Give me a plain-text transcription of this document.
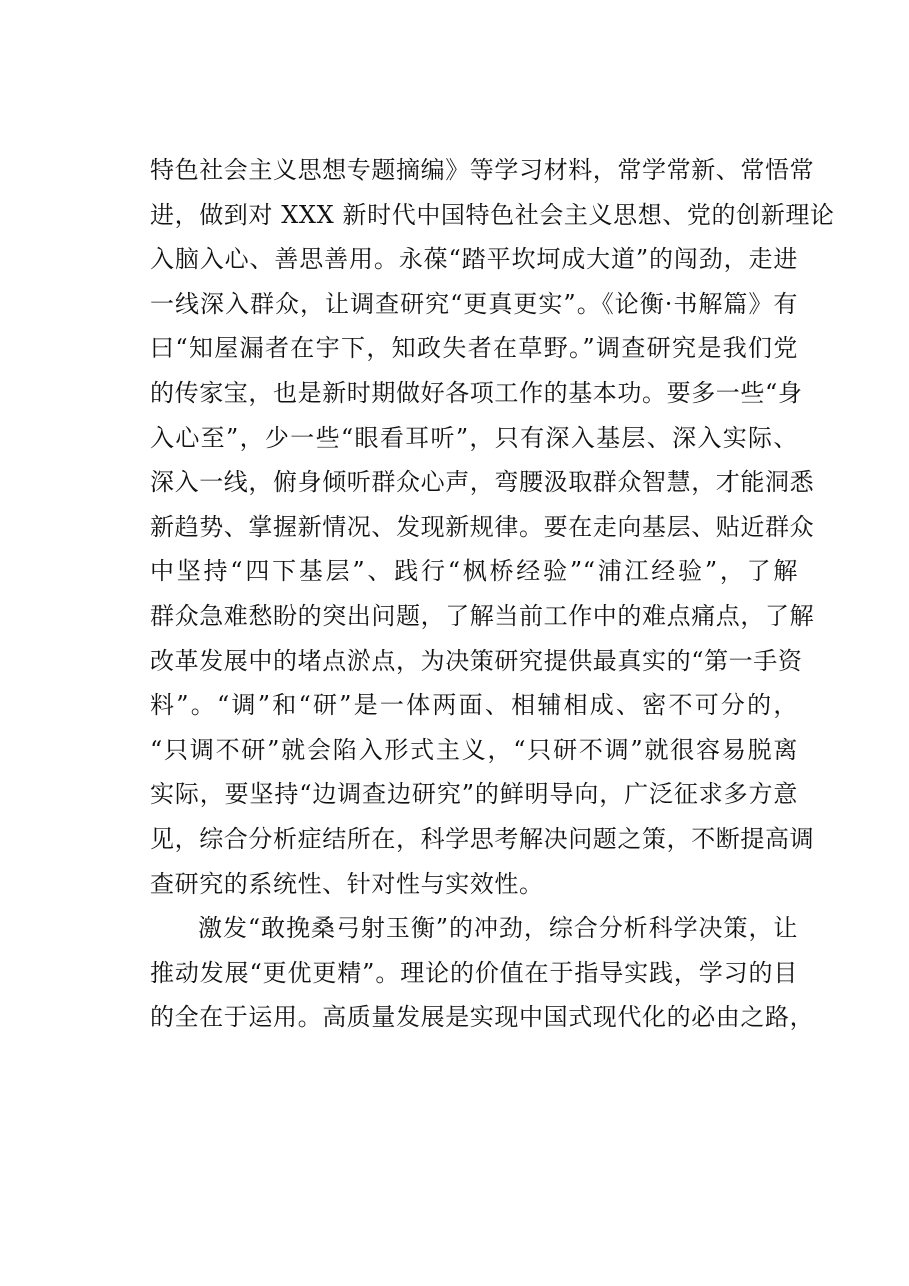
特色社会主义思想专题摘编》等学习材料，常学常新、常悟常
进，做到对 XXX 新时代中国特色社会主义思想、党的创新理论
入脑入心、善思善用。永葆“踏平坎坷成大道”的闯劲，走进
一线深入群众，让调查研究“更真更实”。《论衡·书解篇》有
曰“知屋漏者在宇下，知政失者在草野。”调查研究是我们党
的传家宝，也是新时期做好各项工作的基本功。要多一些“身
入心至”，少一些“眼看耳听”，只有深入基层、深入实际、
深入一线，俯身倾听群众心声，弯腰汲取群众智慧，才能洞悉
新趋势、掌握新情况、发现新规律。要在走向基层、贴近群众
中坚持“四下基层”、践行“枫桥经验”“浦江经验”，了解
群众急难愁盼的突出问题，了解当前工作中的难点痛点，了解
改革发展中的堵点淤点，为决策研究提供最真实的“第一手资
料”。“调”和“研”是一体两面、相辅相成、密不可分的，
“只调不研”就会陷入形式主义，“只研不调”就很容易脱离
实际，要坚持“边调查边研究”的鲜明导向，广泛征求多方意
见，综合分析症结所在，科学思考解决问题之策，不断提高调
查研究的系统性、针对性与实效性。

激发“敢挽桑弓射玉衡”的冲劲，综合分析科学决策，让
推动发展“更优更精”。理论的价值在于指导实践，学习的目
的全在于运用。高质量发展是实现中国式现代化的必由之路，
